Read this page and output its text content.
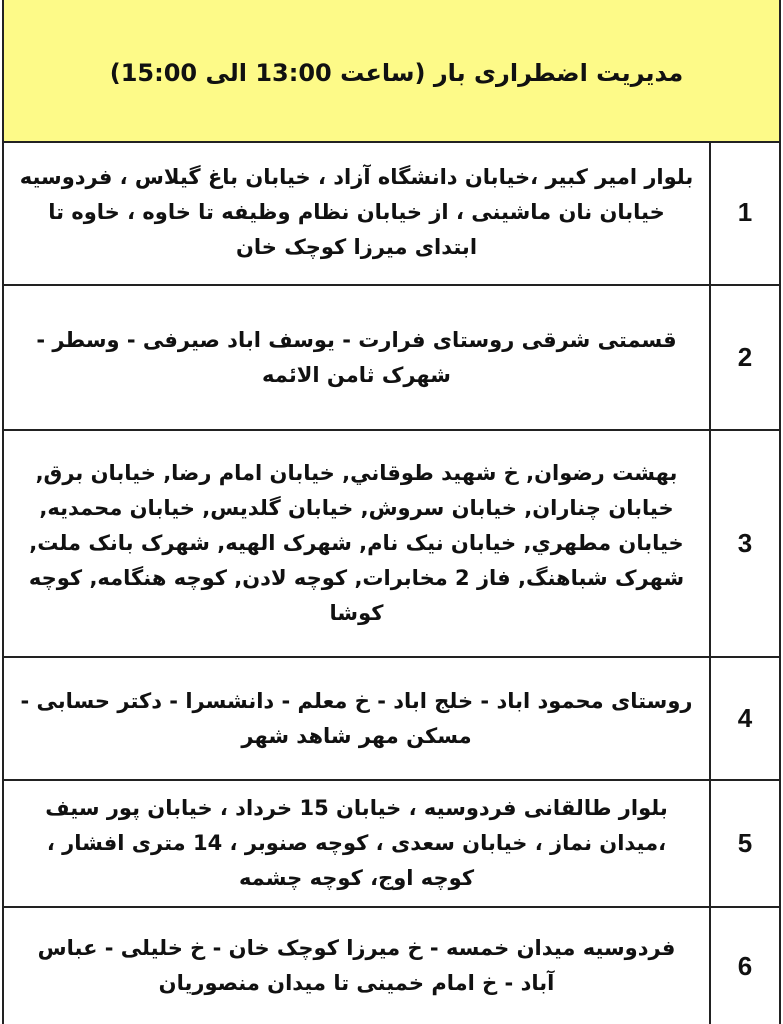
مدیریت اضطراری بار (ساعت 13:00 الی 15:00)
بلوار امیر کبیر ،خیابان دانشگاه آزاد ، خیابان باغ گیلاس ، فردوسیه خیابان نان ماشینی ، از خیابان نظام وظیفه تا خاوه ، خاوه تا ابتدای میرزا کوچک خان
1
قسمتی شرقی روستای فرارت - یوسف اباد صیرفی - وسطر - شهرک ثامن الائمه
2
بهشت رضوان, خ شهيد طوقاني, خيابان امام رضا, خيابان برق, خيابان چناران, خيابان سروش, خيابان گلديس, خيابان محمديه, خيابان مطهري, خيابان نيک نام, شهرک الهيه, شهرک بانک ملت, شهرک شباهنگ, فاز 2 مخابرات, کوچه لادن, کوچه هنگامه, کوچه کوشا
3
روستای محمود اباد - خلج اباد - خ معلم - دانشسرا - دکتر حسابی - مسکن مهر شاهد شهر
4
بلوار طالقانی فردوسیه ، خیابان 15 خرداد ، خیابان پور سیف ،میدان نماز ، خیابان سعدی ، کوچه صنوبر ، 14 متری افشار ، کوچه اوج، کوچه چشمه
5
فردوسیه میدان خمسه - خ میرزا کوچک خان - خ خلیلی - عباس آباد - خ امام خمینی تا میدان منصوریان
6
